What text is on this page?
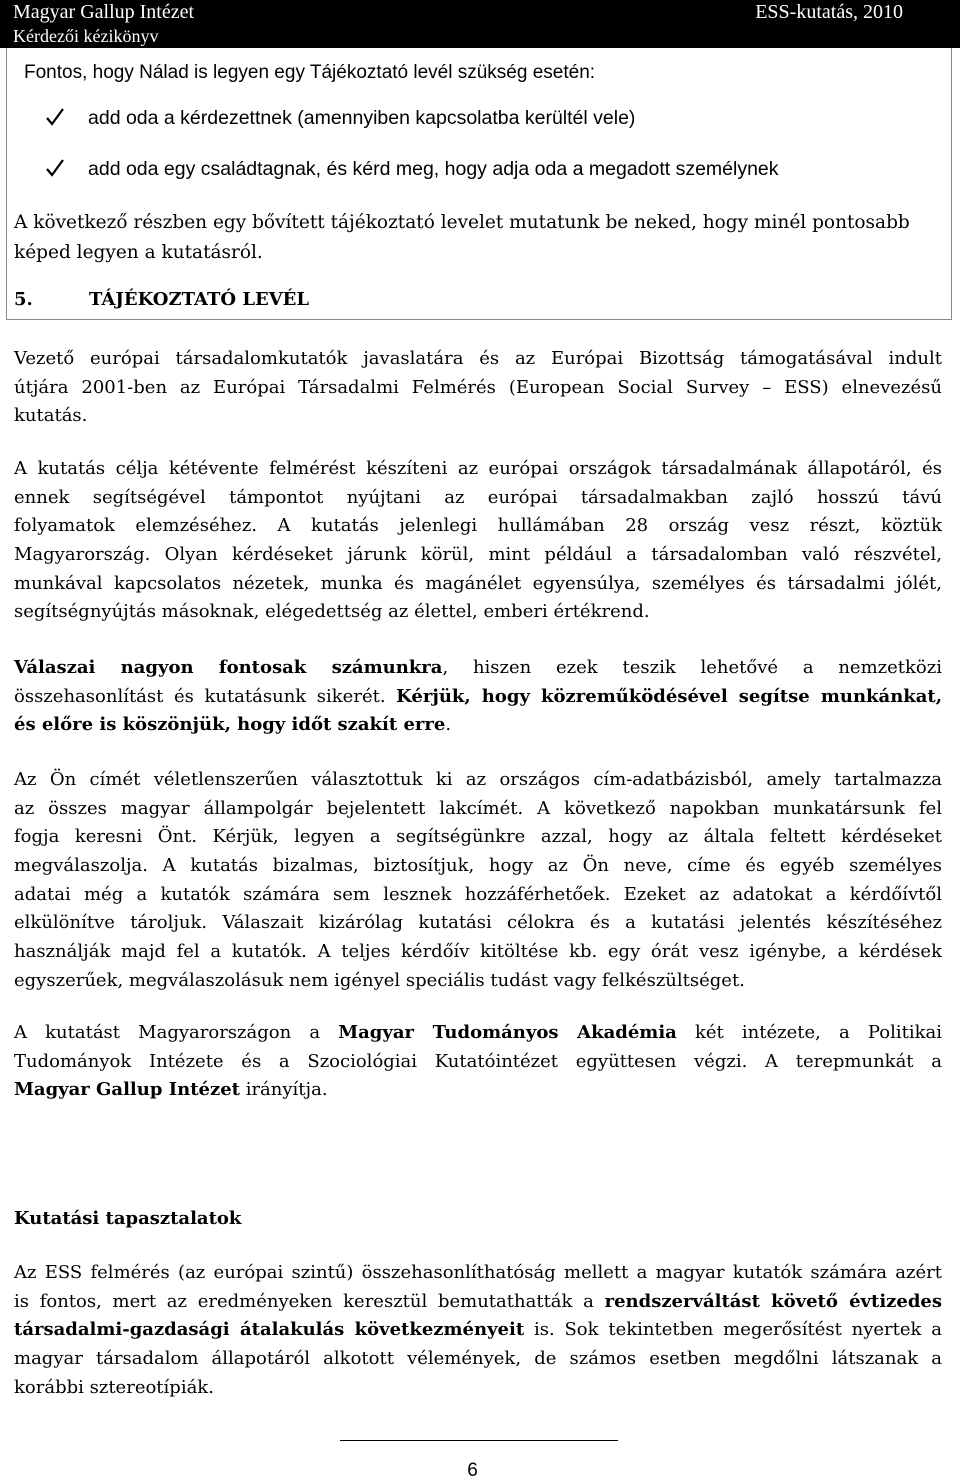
Magyar Gallup Intézet	ESS-kutatás, 2010
Kérdezői kézikönyv
Fontos, hogy Nálad is legyen egy Tájékoztató levél szükség esetén:
add oda a kérdezettnek (amennyiben kapcsolatba kerültél vele)
add oda egy családtagnak, és kérd meg, hogy adja oda a megadott személynek
A következő részben egy bővített tájékoztató levelet mutatunk be neked, hogy minél pontosabb
képed legyen a kutatásról.
5.	TÁJÉKOZTATÓ LEVÉL
Vezető európai társadalomkutatók javaslatára és az Európai Bizottság támogatásával indult
útjára 2001-ben az Európai Társadalmi Felmérés (European Social Survey – ESS) elnevezésű
kutatás.
A kutatás célja kétévente felmérést készíteni az európai országok társadalmának állapotáról, és
ennek segítségével támpontot nyújtani az európai társadalmakban zajló hosszú távú
folyamatok elemzéséhez. A kutatás jelenlegi hullámában 28 ország vesz részt, köztük
Magyarország. Olyan kérdéseket járunk körül, mint például a társadalomban való részvétel,
munkával kapcsolatos nézetek, munka és magánélet egyensúlya, személyes és társadalmi jólét,
segítségnyújtás másoknak, elégedettség az élettel, emberi értékrend.
Válaszai nagyon fontosak számunkra, hiszen ezek teszik lehetővé a nemzetközi
összehasonlítást és kutatásunk sikerét. Kérjük, hogy közreműködésével segítse munkánkat,
és előre is köszönjük, hogy időt szakít erre.
Az Ön címét véletlenszerűen választottuk ki az országos cím-adatbázisból, amely tartalmazza
az összes magyar állampolgár bejelentett lakcímét. A következő napokban munkatársunk fel
fogja keresni Önt. Kérjük, legyen a segítségünkre azzal, hogy az általa feltett kérdéseket
megválaszolja. A kutatás bizalmas, biztosítjuk, hogy az Ön neve, címe és egyéb személyes
adatai még a kutatók számára sem lesznek hozzáférhetőek. Ezeket az adatokat a kérdőívtől
elkülönítve tároljuk. Válaszait kizárólag kutatási célokra és a kutatási jelentés készítéséhez
használják majd fel a kutatók. A teljes kérdőív kitöltése kb. egy órát vesz igénybe, a kérdések
egyszerűek, megválaszolásuk nem igényel speciális tudást vagy felkészültséget.
A kutatást Magyarországon a Magyar Tudományos Akadémia két intézete, a Politikai
Tudományok Intézete és a Szociológiai Kutatóintézet együttesen végzi. A terepmunkát a
Magyar Gallup Intézet irányítja.
Kutatási tapasztalatok
Az ESS felmérés (az európai szintű) összehasonlíthatóság mellett a magyar kutatók számára azért
is fontos, mert az eredményeken keresztül bemutathatták a rendszerváltást követő évtizedes
társadalmi-gazdasági átalakulás következményeit is. Sok tekintetben megerősítést nyertek a
magyar társadalom állapotáról alkotott vélemények, de számos esetben megdőlni látszanak a
korábbi sztereotípiák.
6
